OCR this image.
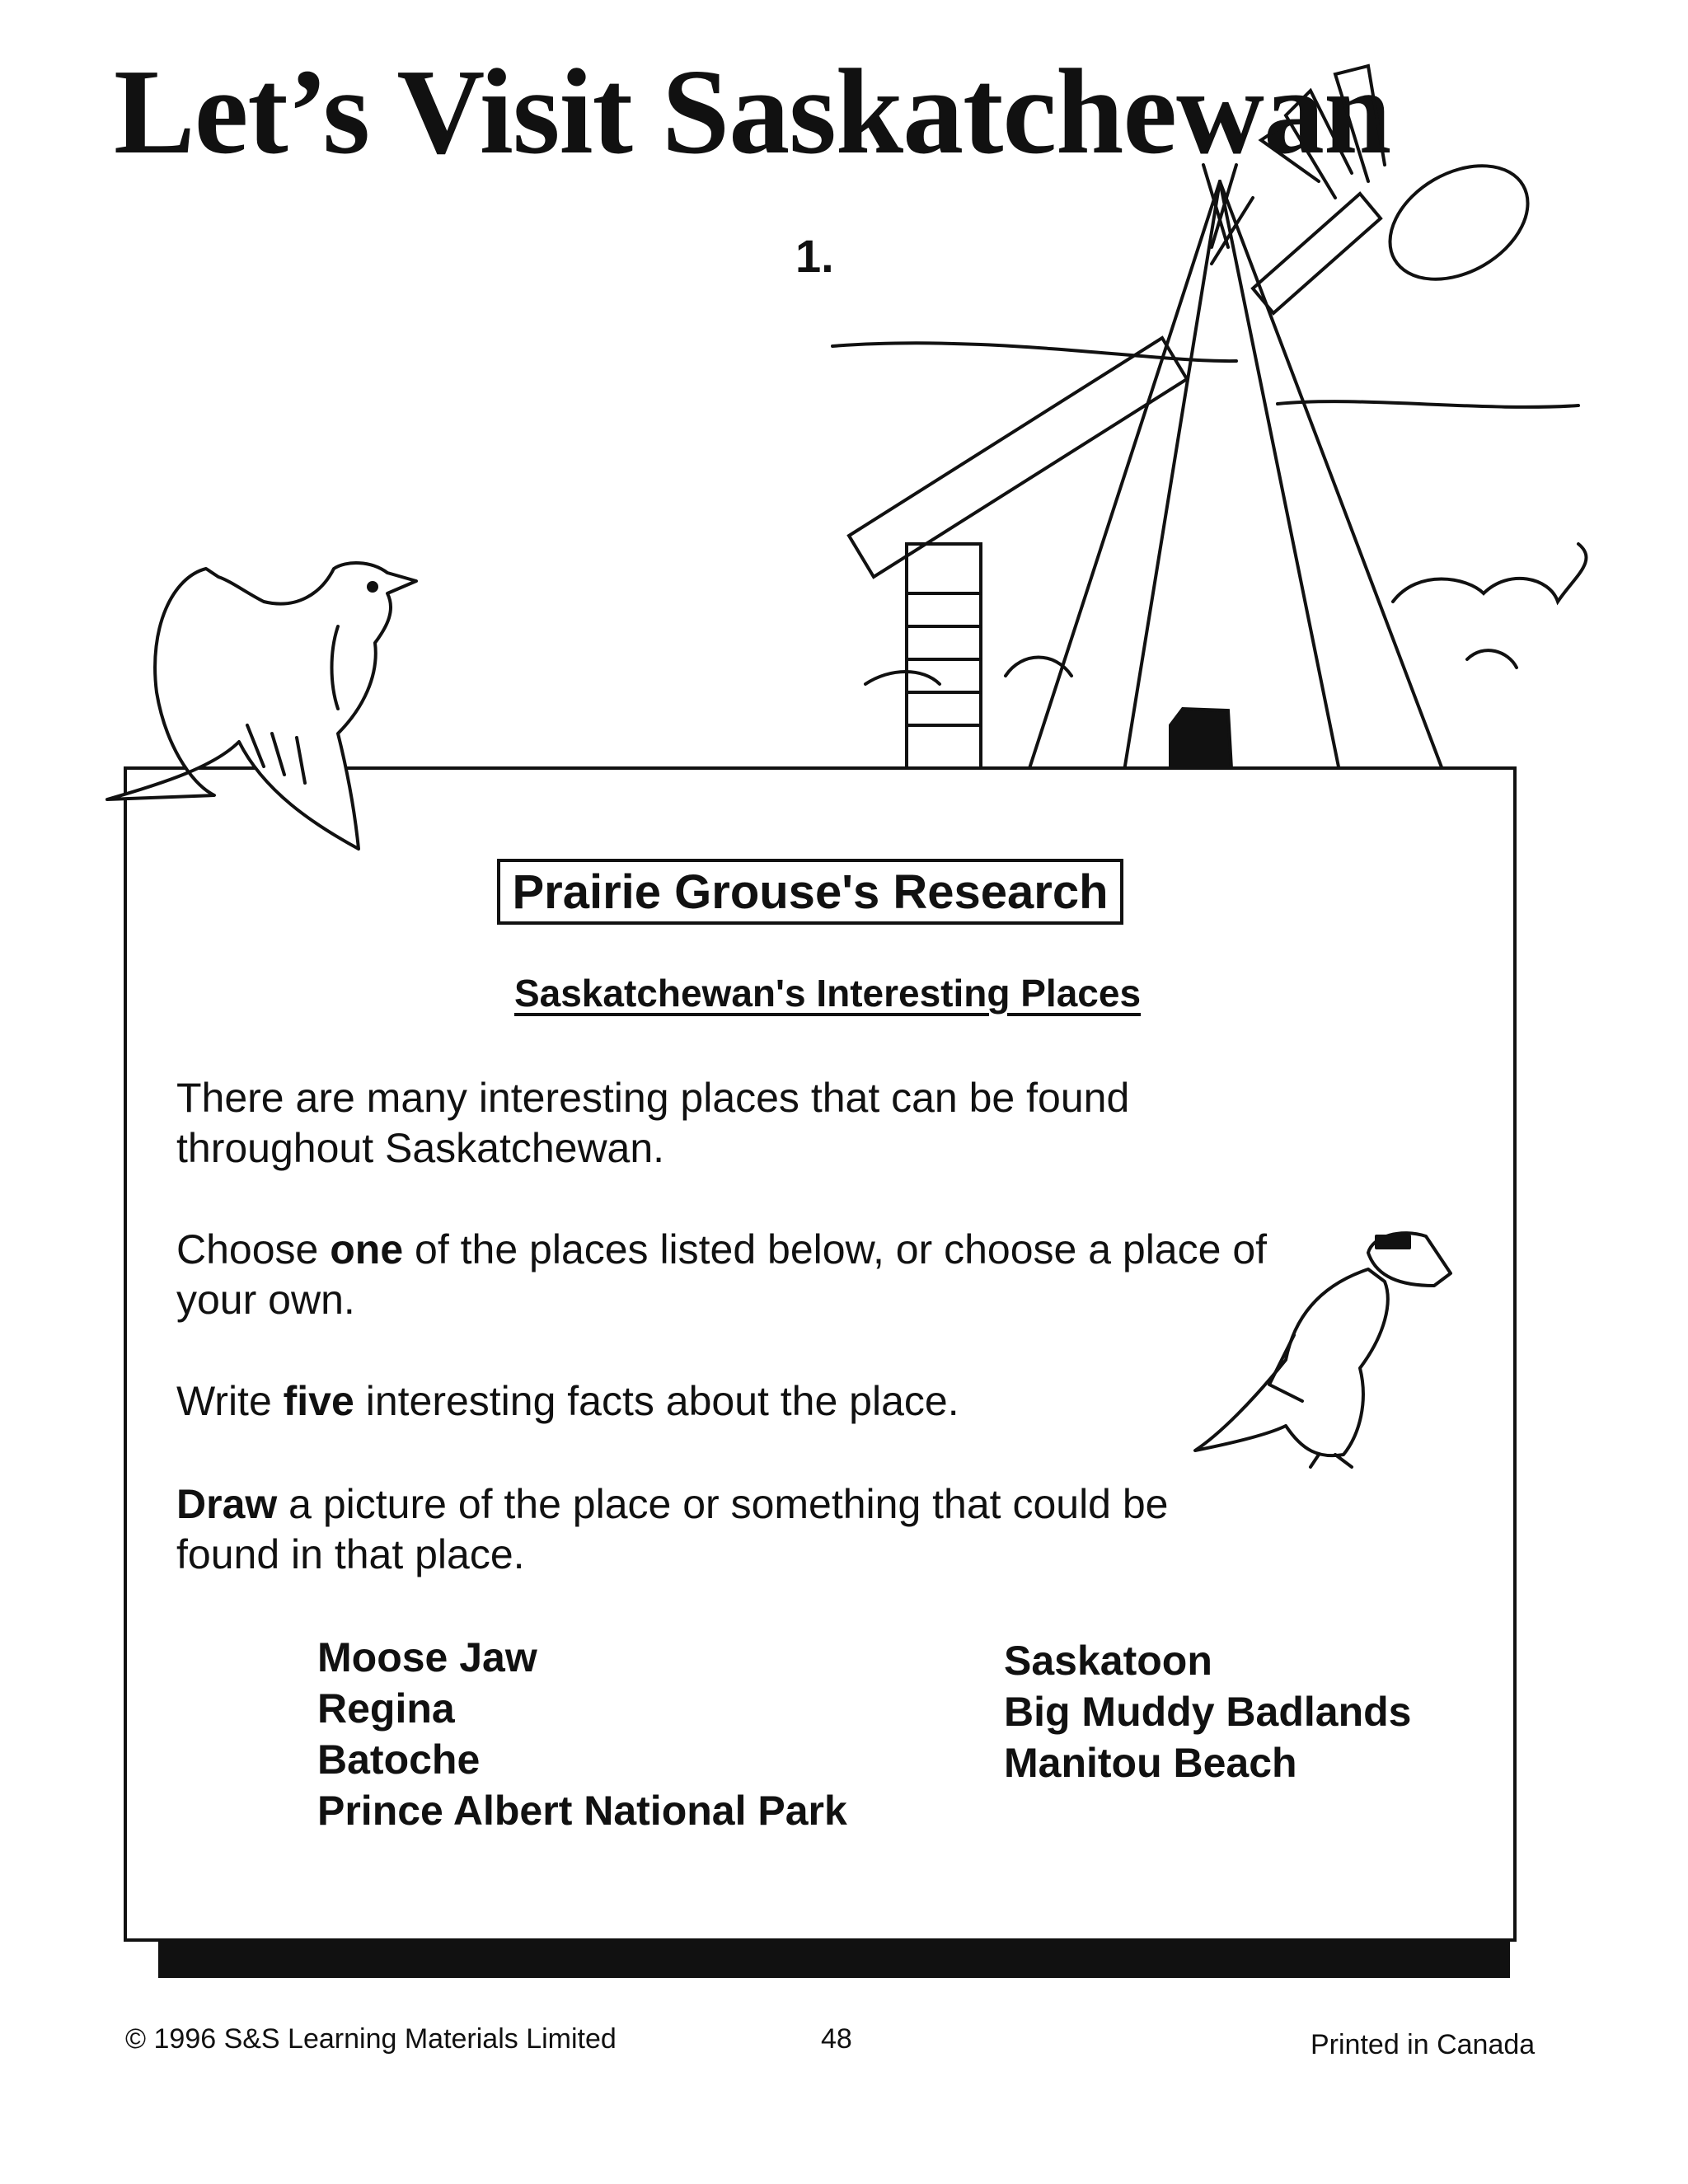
Let’s Visit Saskatchewan
1.
Prairie Grouse's Research
Saskatchewan's Interesting Places
There are many interesting places that can be found throughout Saskatchewan.
Choose one of the places listed below, or choose a place of your own.
Write five interesting facts about the place.
Draw a picture of the place or something that could be found in that place.
Moose Jaw
Regina
Batoche
Prince Albert National Park
Saskatoon
Big Muddy Badlands
Manitou Beach
© 1996 S&S Learning Materials Limited	48	Printed in Canada
